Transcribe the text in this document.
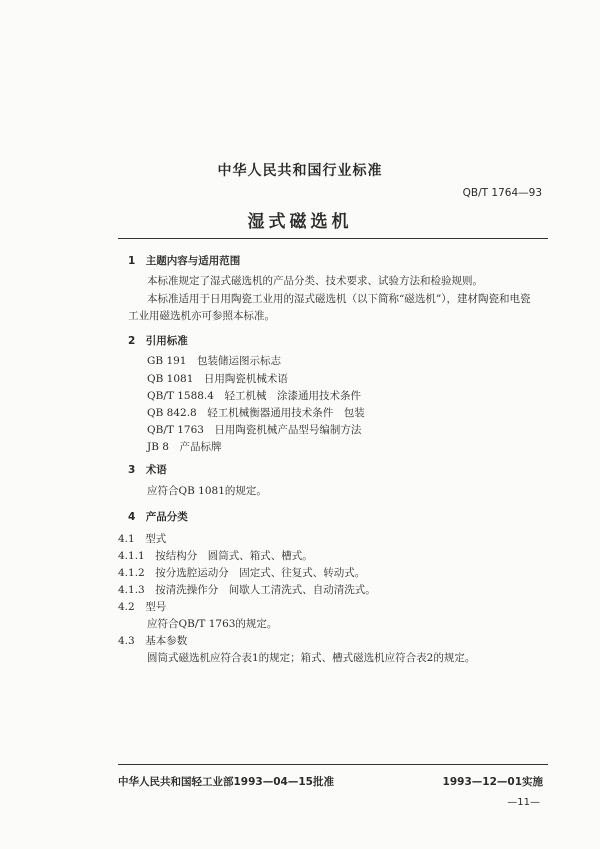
中华人民共和国行业标准
QB/T 1764—93
湿式磁选机
1　主题内容与适用范围
本标准规定了湿式磁选机的产品分类、技术要求、试验方法和检验规则。
本标准适用于日用陶瓷工业用的湿式磁选机（以下简称“磁选机”），建材陶瓷和电瓷
工业用磁选机亦可参照本标准。
2　引用标准
GB 191　包装储运图示标志
QB 1081　日用陶瓷机械术语
QB/T 1588.4　轻工机械　涂漆通用技术条件
QB 842.8　轻工机械衡器通用技术条件　包装
QB/T 1763　日用陶瓷机械产品型号编制方法
JB 8　产品标牌
3　术语
应符合QB 1081的规定。
4　产品分类
4.1　型式
4.1.1　按结构分　圆筒式、箱式、槽式。
4.1.2　按分选腔运动分　固定式、往复式、转动式。
4.1.3　按清洗操作分　间歇人工清洗式、自动清洗式。
4.2　型号
应符合QB/T 1763的规定。
4.3　基本参数
圆筒式磁选机应符合表1的规定；箱式、槽式磁选机应符合表2的规定。
中华人民共和国轻工业部1993—04—15批准	1993—12—01实施
—11—
